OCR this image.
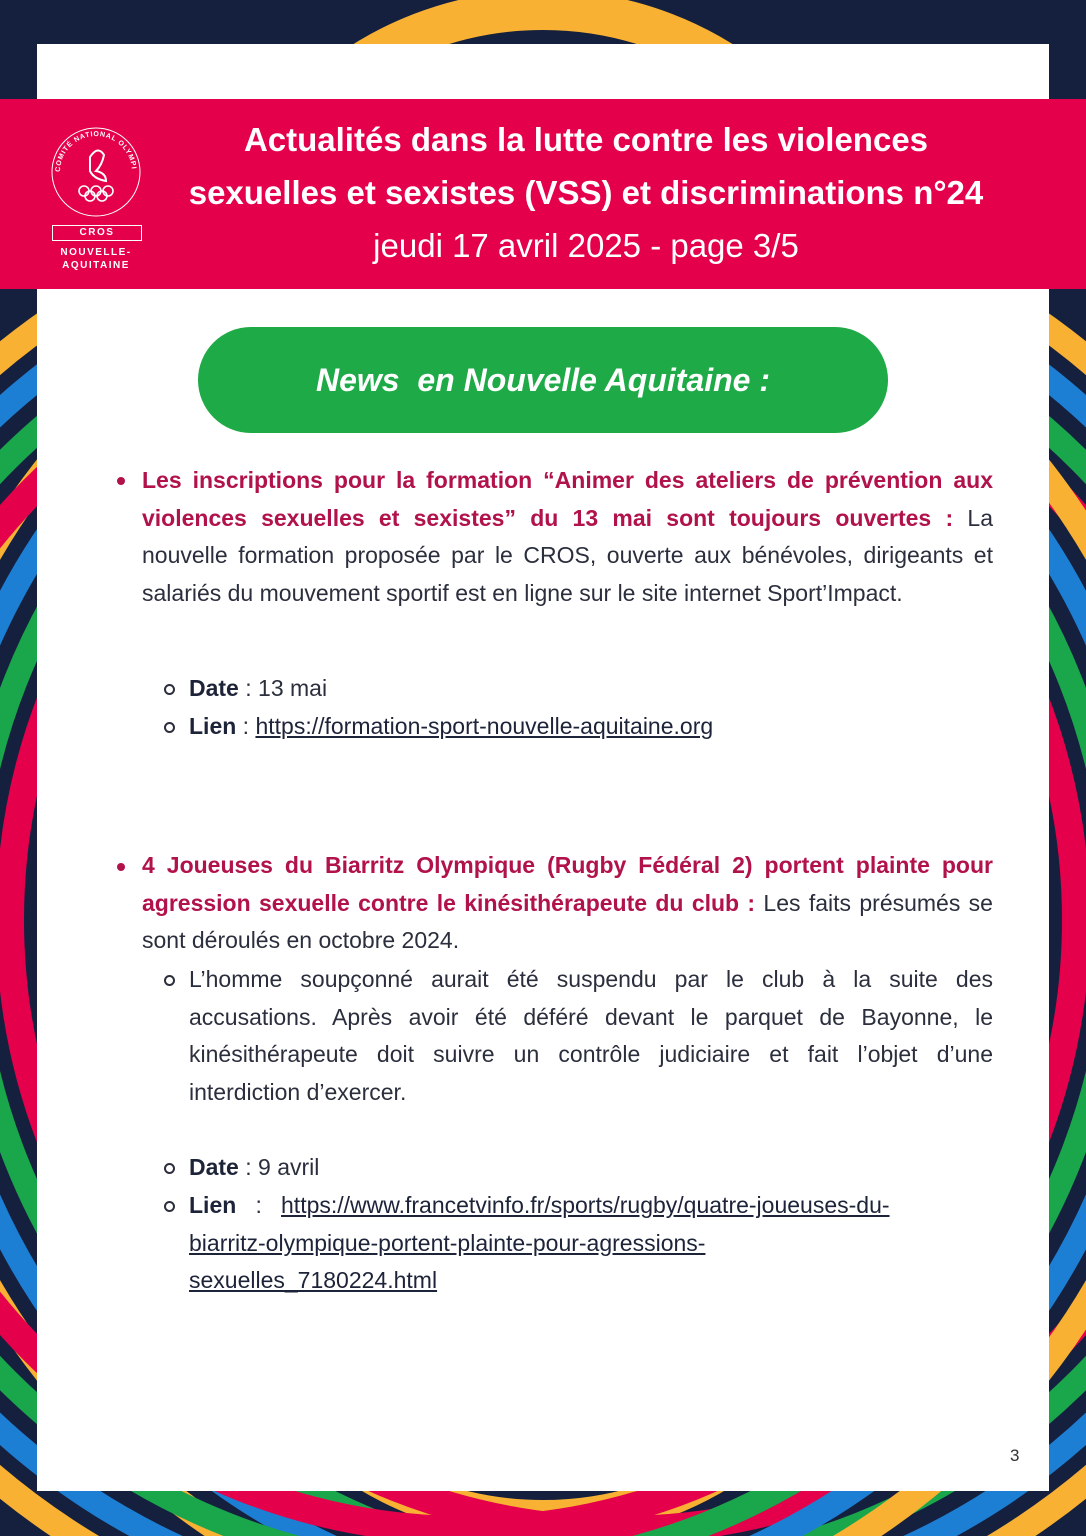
COMITÉ NATIONAL OLYMPI
CROS
NOUVELLE-
AQUITAINE
Actualités dans la lutte contre les violences
sexuelles et sexistes (VSS) et discriminations n°24
jeudi 17 avril 2025 - page 3/5
News  en Nouvelle Aquitaine :
Les inscriptions pour la formation “Animer des ateliers de prévention aux violences sexuelles et sexistes” du 13 mai sont toujours ouvertes : La nouvelle formation proposée par le CROS, ouverte aux bénévoles, dirigeants et salariés du mouvement sportif est en ligne sur le site internet Sport’Impact.
Date : 13 mai
Lien : https://formation-sport-nouvelle-aquitaine.org
4 Joueuses du Biarritz Olympique (Rugby Fédéral 2) portent plainte pour agression sexuelle contre le kinésithérapeute du club : Les faits présumés se sont déroulés en octobre 2024.
L’homme soupçonné aurait été suspendu par le club à la suite des accusations. Après avoir été déféré devant le parquet de Bayonne, le kinésithérapeute doit suivre un contrôle judiciaire et fait l’objet d’une interdiction d’exercer.
Date : 9 avril
Lien   :   https://www.francetvinfo.fr/sports/rugby/quatre-joueuses-du-
biarritz-olympique-portent-plainte-pour-agressions-
sexuelles_7180224.html
3
